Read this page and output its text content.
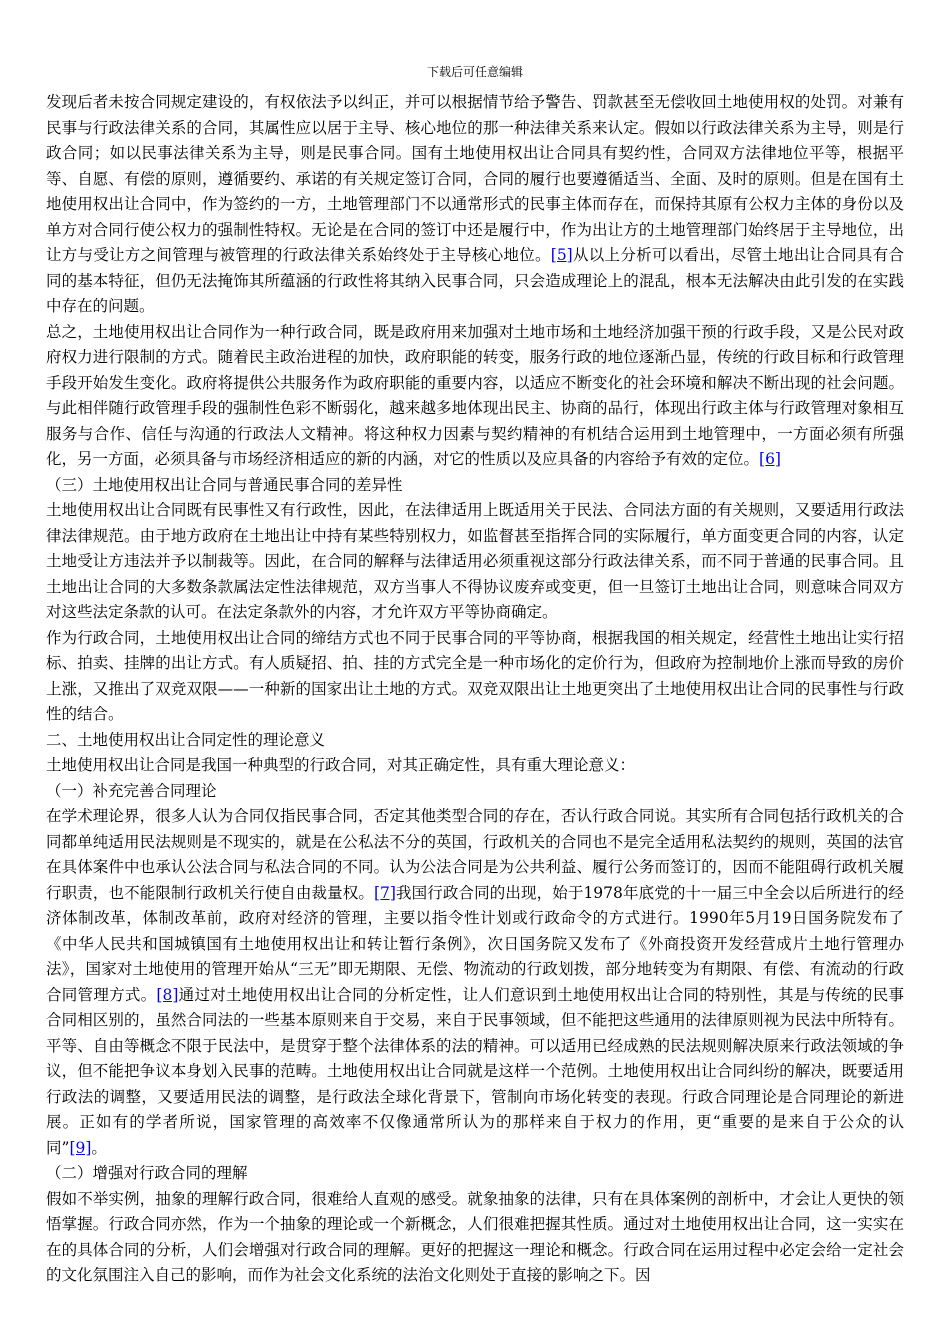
下载后可任意编辑

发现后者未按合同规定建设的，有权依法予以纠正，并可以根据情节给予警告、罚款甚至无偿收回土地使用权的处罚。对兼有民事与行政法律关系的合同，其属性应以居于主导、核心地位的那一种法律关系来认定。假如以行政法律关系为主导，则是行政合同；如以民事法律关系为主导，则是民事合同。国有土地使用权出让合同具有契约性，合同双方法律地位平等，根据平等、自愿、有偿的原则，遵循要约、承诺的有关规定签订合同，合同的履行也要遵循适当、全面、及时的原则。但是在国有土地使用权出让合同中，作为签约的一方，土地管理部门不以通常形式的民事主体而存在，而保持其原有公权力主体的身份以及单方对合同行使公权力的强制性特权。无论是在合同的签订中还是履行中，作为出让方的土地管理部门始终居于主导地位，出让方与受让方之间管理与被管理的行政法律关系始终处于主导核心地位。[5]从以上分析可以看出，尽管土地出让合同具有合同的基本特征，但仍无法掩饰其所蕴涵的行政性将其纳入民事合同，只会造成理论上的混乱，根本无法解决由此引发的在实践中存在的问题。

总之，土地使用权出让合同作为一种行政合同，既是政府用来加强对土地市场和土地经济加强干预的行政手段，又是公民对政府权力进行限制的方式。随着民主政治进程的加快，政府职能的转变，服务行政的地位逐渐凸显，传统的行政目标和行政管理手段开始发生变化。政府将提供公共服务作为政府职能的重要内容，以适应不断变化的社会环境和解决不断出现的社会问题。与此相伴随行政管理手段的强制性色彩不断弱化，越来越多地体现出民主、协商的品行，体现出行政主体与行政管理对象相互服务与合作、信任与沟通的行政法人文精神。将这种权力因素与契约精神的有机结合运用到土地管理中，一方面必须有所强化，另一方面，必须具备与市场经济相适应的新的内涵，对它的性质以及应具备的内容给予有效的定位。[6]

（三）土地使用权出让合同与普通民事合同的差异性

土地使用权出让合同既有民事性又有行政性，因此，在法律适用上既适用关于民法、合同法方面的有关规则，又要适用行政法律法律规范。由于地方政府在土地出让中持有某些特别权力，如监督甚至指挥合同的实际履行，单方面变更合同的内容，认定土地受让方违法并予以制裁等。因此，在合同的解释与法律适用必须重视这部分行政法律关系，而不同于普通的民事合同。且土地出让合同的大多数条款属法定性法律规范，双方当事人不得协议废弃或变更，但一旦签订土地出让合同，则意味合同双方对这些法定条款的认可。在法定条款外的内容，才允许双方平等协商确定。

作为行政合同，土地使用权出让合同的缔结方式也不同于民事合同的平等协商，根据我国的相关规定，经营性土地出让实行招标、拍卖、挂牌的出让方式。有人质疑招、拍、挂的方式完全是一种市场化的定价行为，但政府为控制地价上涨而导致的房价上涨，又推出了双竞双限——一种新的国家出让土地的方式。双竞双限出让土地更突出了土地使用权出让合同的民事性与行政性的结合。

二、土地使用权出让合同定性的理论意义

土地使用权出让合同是我国一种典型的行政合同，对其正确定性，具有重大理论意义：

（一）补充完善合同理论

在学术理论界，很多人认为合同仅指民事合同，否定其他类型合同的存在，否认行政合同说。其实所有合同包括行政机关的合同都单纯适用民法规则是不现实的，就是在公私法不分的英国，行政机关的合同也不是完全适用私法契约的规则，英国的法官在具体案件中也承认公法合同与私法合同的不同。认为公法合同是为公共利益、履行公务而签订的，因而不能阻碍行政机关履行职责，也不能限制行政机关行使自由裁量权。[7]我国行政合同的出现，始于1978年底党的十一届三中全会以后所进行的经济体制改革，体制改革前，政府对经济的管理，主要以指令性计划或行政命令的方式进行。1990年5月19日国务院发布了《中华人民共和国城镇国有土地使用权出让和转让暂行条例》，次日国务院又发布了《外商投资开发经营成片土地行管理办法》，国家对土地使用的管理开始从“三无”即无期限、无偿、物流动的行政划拨，部分地转变为有期限、有偿、有流动的行政合同管理方式。[8]通过对土地使用权出让合同的分析定性，让人们意识到土地使用权出让合同的特别性，其是与传统的民事合同相区别的，虽然合同法的一些基本原则来自于交易，来自于民事领域，但不能把这些通用的法律原则视为民法中所特有。平等、自由等概念不限于民法中，是贯穿于整个法律体系的法的精神。可以适用已经成熟的民法规则解决原来行政法领域的争议，但不能把争议本身划入民事的范畴。土地使用权出让合同就是这样一个范例。土地使用权出让合同纠纷的解决，既要适用行政法的调整，又要适用民法的调整，是行政法全球化背景下，管制向市场化转变的表现。行政合同理论是合同理论的新进展。正如有的学者所说，国家管理的高效率不仅像通常所认为的那样来自于权力的作用，更“重要的是来自于公众的认同”[9]。

（二）增强对行政合同的理解

假如不举实例，抽象的理解行政合同，很难给人直观的感受。就象抽象的法律，只有在具体案例的剖析中，才会让人更快的领悟掌握。行政合同亦然，作为一个抽象的理论或一个新概念，人们很难把握其性质。通过对土地使用权出让合同，这一实实在在的具体合同的分析，人们会增强对行政合同的理解。更好的把握这一理论和概念。行政合同在运用过程中必定会给一定社会的文化氛围注入自己的影响，而作为社会文化系统的法治文化则处于直接的影响之下。因
